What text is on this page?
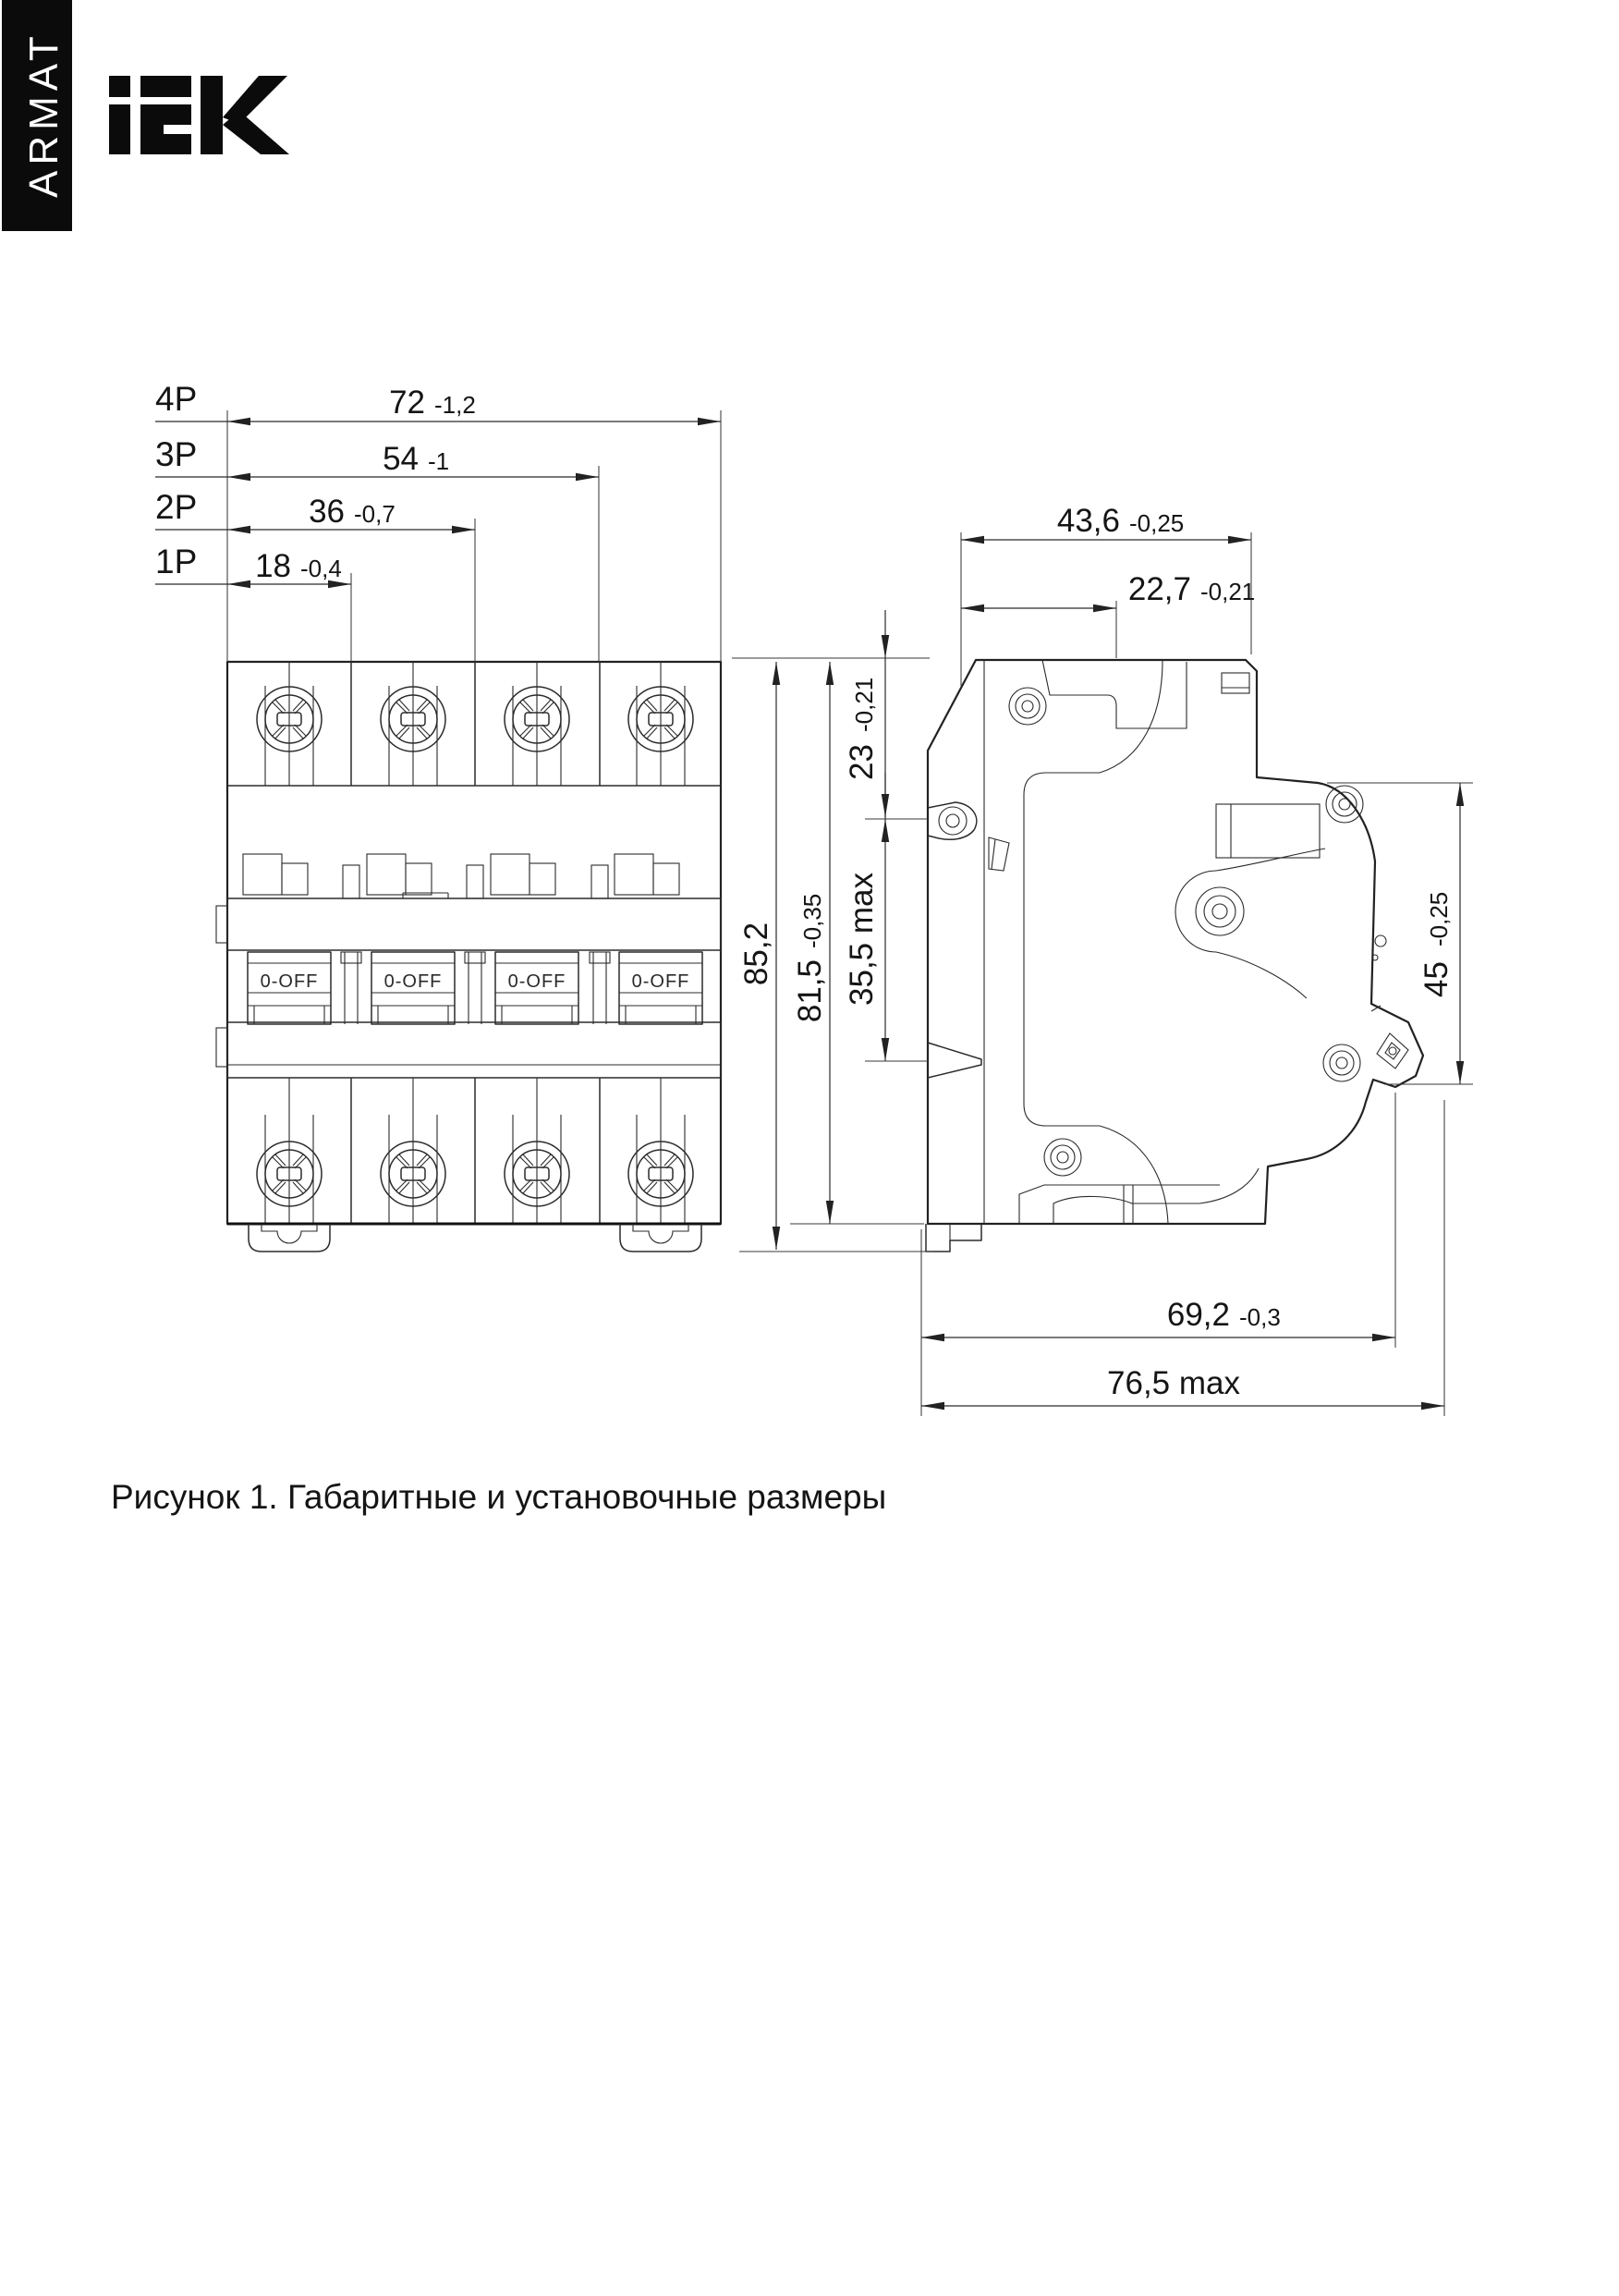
ARMAT
0-OFF	0-OFF	0-OFF	0-OFF
4P
3P
2P
1P
72 -1,2
54 -1
36 -0,7
18 -0,4
43,6 -0,25
22,7 -0,21
23
-0,21
85,2
81,5
-0,35 35,5 max	45
-0,25
69,2 -0,3
76,5 max
Рисунок 1. Габаритные и установочные размеры
